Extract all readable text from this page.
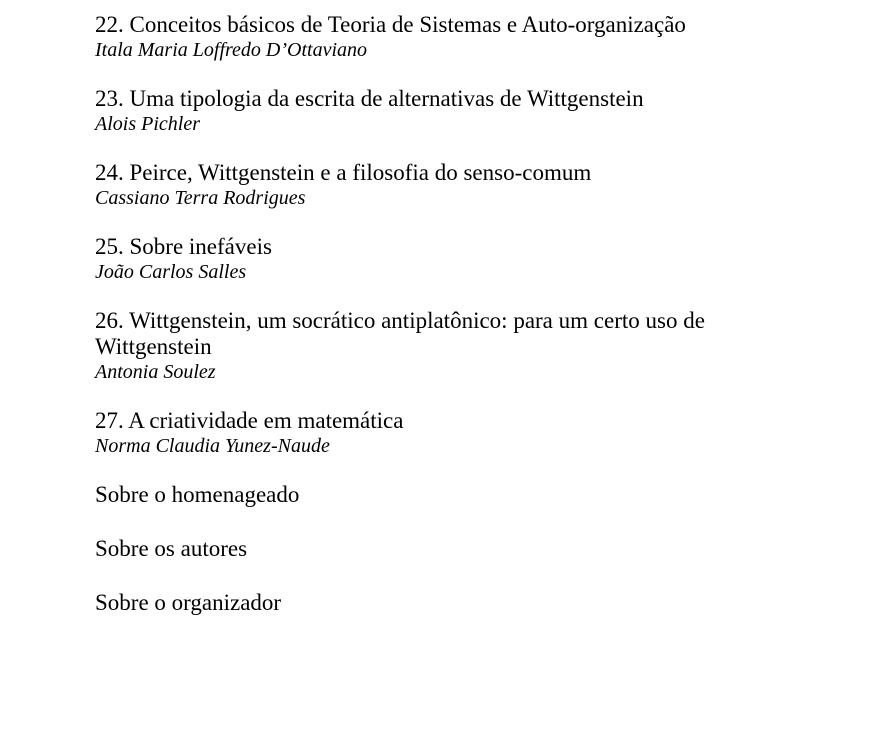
22. Conceitos básicos de Teoria de Sistemas e Auto-organização
Itala Maria Loffredo D’Ottaviano
23. Uma tipologia da escrita de alternativas de Wittgenstein
Alois Pichler
24. Peirce, Wittgenstein e a filosofia do senso-comum
Cassiano Terra Rodrigues
25. Sobre inefáveis
João Carlos Salles
26. Wittgenstein, um socrático antiplatônico: para um certo uso de Wittgenstein
Antonia Soulez
27. A criatividade em matemática
Norma Claudia Yunez-Naude
Sobre o homenageado
Sobre os autores
Sobre o organizador
